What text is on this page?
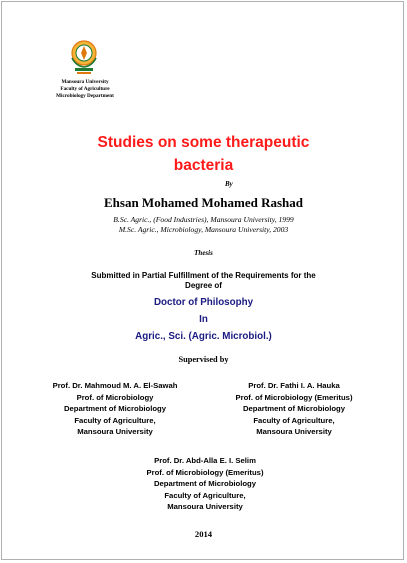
Mansoura University
Faculty of Agriculture
Microbiology Department
Studies on some therapeutic
bacteria
By
Ehsan Mohamed Mohamed Rashad
B.Sc. Agric., (Food Industries), Mansoura University, 1999
M.Sc. Agric., Microbiology, Mansoura University, 2003
Thesis
Submitted in Partial Fulfillment of the Requirements for the
Degree of
Doctor of Philosophy
In
Agric., Sci. (Agric. Microbiol.)
Supervised by
Prof. Dr. Mahmoud M. A. El-Sawah
Prof. of Microbiology
Department of Microbiology
Faculty of Agriculture,
Mansoura University
Prof. Dr. Fathi I. A. Hauka
Prof. of Microbiology (Emeritus)
Department of Microbiology
Faculty of Agriculture,
Mansoura University
Prof. Dr. Abd-Alla E. I. Selim
Prof. of Microbiology (Emeritus)
Department of Microbiology
Faculty of Agriculture,
Mansoura University
2014
